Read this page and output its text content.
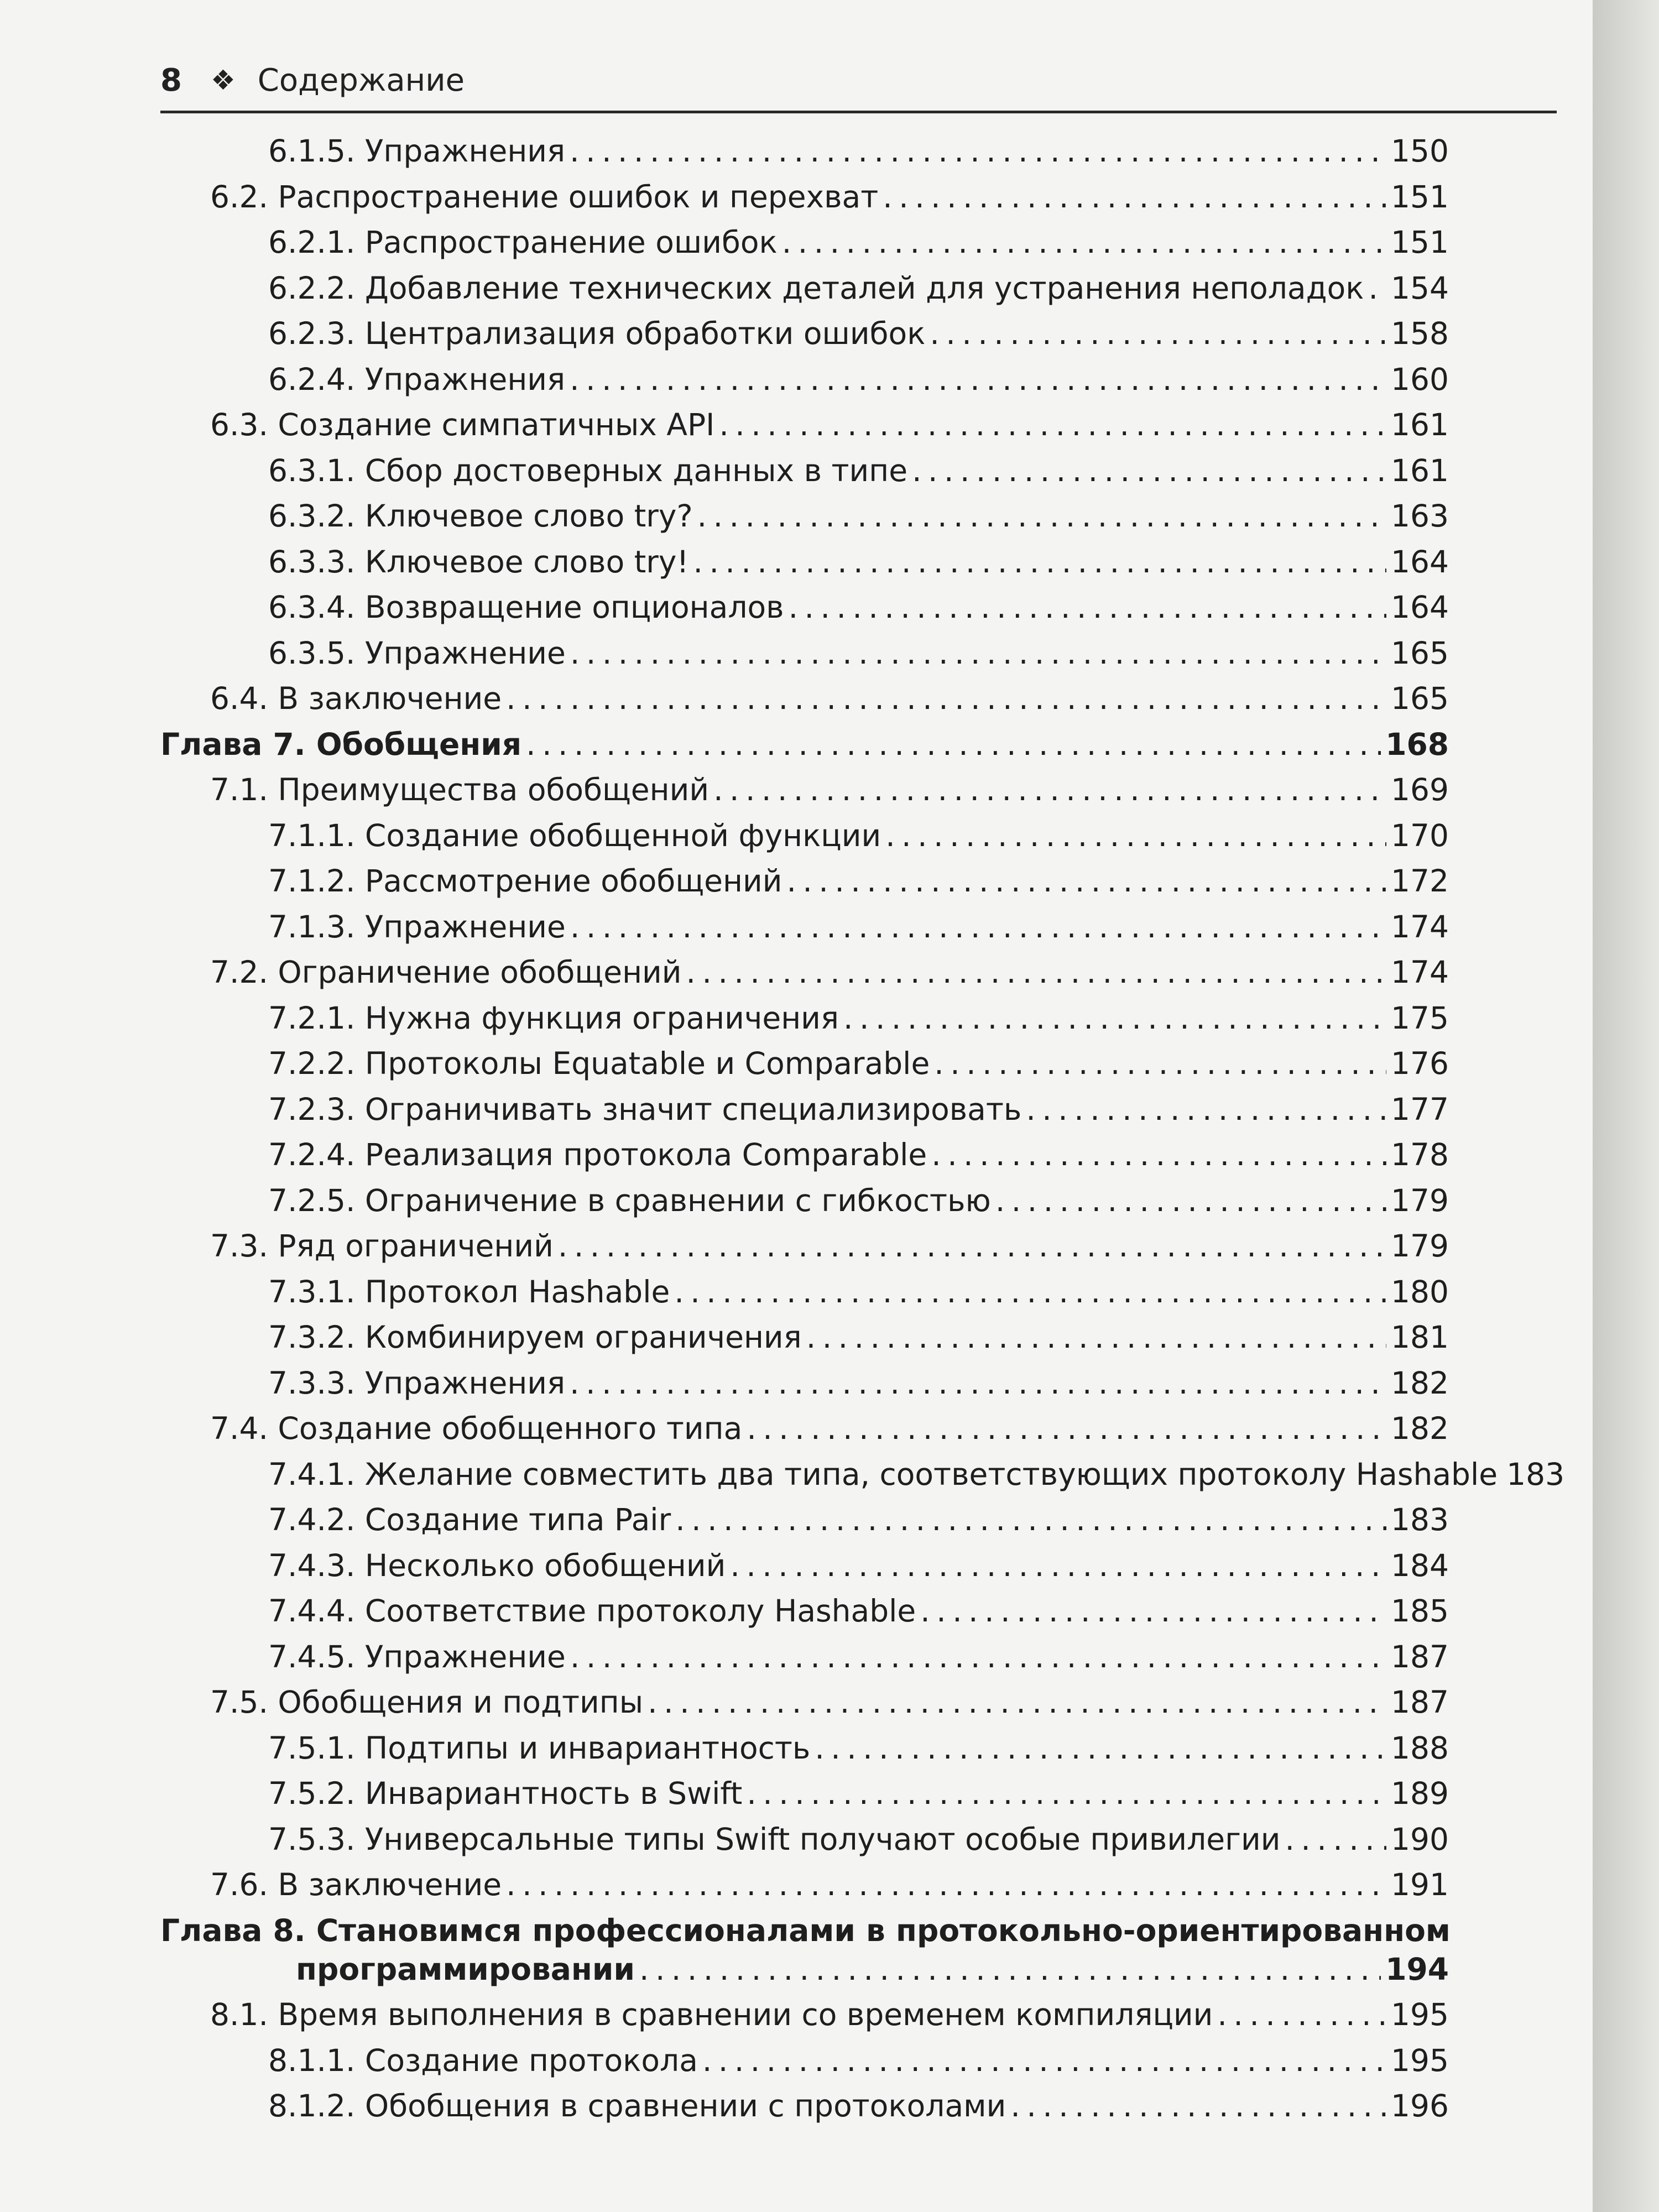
8 ❖ Содержание
6.1.5. Упражнения . . .	150
6.2. Распространение ошибок и перехват . . .	151
6.2.1. Распространение ошибок . . .	151
6.2.2. Добавление технических деталей для устранения неполадок . . . 154
6.2.3. Централизация обработки ошибок . . .	158
6.2.4. Упражнения . . .	160
6.3. Создание симпатичных API . . .	161
6.3.1. Сбор достоверных данных в типе . . .	161
6.3.2. Ключевое слово try? . . .	163
6.3.3. Ключевое слово try! . . .	164
6.3.4. Возвращение опционалов . . .	164
6.3.5. Упражнение . . .	165
6.4. В заключение . . .	165
Глава 7. Обобщения . . .	168
7.1. Преимущества обобщений . . .	169
7.1.1. Создание обобщенной функции . . .	170
7.1.2. Рассмотрение обобщений . . .	172
7.1.3. Упражнение . . .	174
7.2. Ограничение обобщений . . .	174
7.2.1. Нужна функция ограничения . . .	175
7.2.2. Протоколы Equatable и Comparable . . .	176
7.2.3. Ограничивать значит специализировать . . .	177
7.2.4. Реализация протокола Comparable . . .	178
7.2.5. Ограничение в сравнении с гибкостью . . .	179
7.3. Ряд ограничений . . .	179
7.3.1. Протокол Hashable . . .	180
7.3.2. Комбинируем ограничения . . .	181
7.3.3. Упражнения . . .	182
7.4. Создание обобщенного типа . . .	182
7.4.1. Желание совместить два типа, соответствующих протоколу Hashable 183
7.4.2. Создание типа Pair . . .	183
7.4.3. Несколько обобщений . . .	184
7.4.4. Соответствие протоколу Hashable . . .	185
7.4.5. Упражнение . . .	187
7.5. Обобщения и подтипы . . .	187
7.5.1. Подтипы и инвариантность . . .	188
7.5.2. Инвариантность в Swift . . .	189
7.5.3. Универсальные типы Swift получают особые привилегии . . .	190
7.6. В заключение . . .	191
Глава 8. Становимся профессионалами в протокольно-ориентированном
программировании . . .	194
8.1. Время выполнения в сравнении со временем компиляции . . .	195
8.1.1. Создание протокола . . .	195
8.1.2. Обобщения в сравнении с протоколами . . .	196
